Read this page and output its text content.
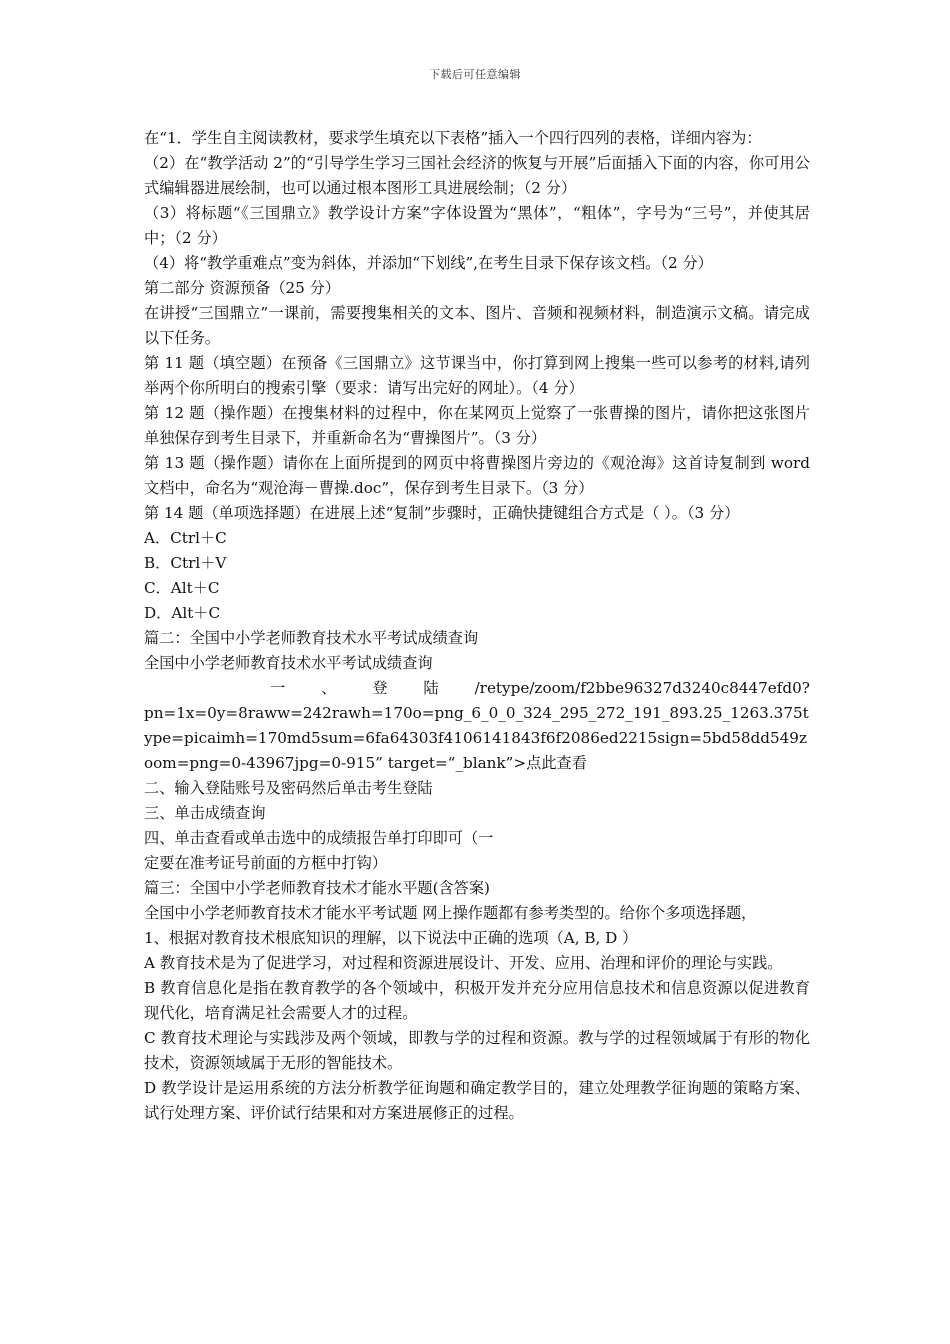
下载后可任意编辑

在“1．学生自主阅读教材，要求学生填充以下表格”插入一个四行四列的表格，详细内容为：

（2）在“教学活动 2”的“引导学生学习三国社会经济的恢复与开展”后面插入下面的内容，你可用公式编辑器进展绘制，也可以通过根本图形工具进展绘制；（2 分）

（3）将标题“《三国鼎立》教学设计方案”字体设置为“黑体”，“粗体”，字号为“三号”，并使其居中；（2 分）

（4）将“教学重难点”变为斜体，并添加“下划线”,在考生目录下保存该文档。（2 分）

第二部分 资源预备（25 分）

在讲授“三国鼎立”一课前，需要搜集相关的文本、图片、音频和视频材料，制造演示文稿。请完成以下任务。

第 11 题（填空题）在预备《三国鼎立》这节课当中，你打算到网上搜集一些可以参考的材料,请列举两个你所明白的搜索引擎（要求：请写出完好的网址）。（4 分）

第 12 题（操作题）在搜集材料的过程中，你在某网页上觉察了一张曹操的图片，请你把这张图片单独保存到考生目录下，并重新命名为“曹操图片”。（3 分）

第 13 题（操作题）请你在上面所提到的网页中将曹操图片旁边的《观沧海》这首诗复制到 word 文档中，命名为“观沧海－曹操.doc”，保存到考生目录下。（3 分）

第 14 题（单项选择题）在进展上述“复制”步骤时，正确快捷键组合方式是（ ）。（3 分）

A．Ctrl＋C

B．Ctrl＋V

C．Alt＋C

D．Alt＋C

篇二：全国中小学老师教育技术水平考试成绩查询

全国中小学老师教育技术水平考试成绩查询

一 、 登 陆 /retype/zoom/f2bbe96327d3240c8447efd0?

pn=1x=0y=8raww=242rawh=170o=png_6_0_0_324_295_272_191_893.25_1263.375type=picaimh=170md5sum=6fa64303f4106141843f6f2086ed2215sign=5bd58dd549zoom=png=0-43967jpg=0-915” target=“_blank”>点此查看

二、输入登陆账号及密码然后单击考生登陆

三、单击成绩查询

四、单击查看或单击选中的成绩报告单打印即可（一

定要在准考证号前面的方框中打钩）

篇三：全国中小学老师教育技术才能水平题(含答案)

全国中小学老师教育技术才能水平考试题 网上操作题都有参考类型的。给你个多项选择题，

1、根据对教育技术根底知识的理解，以下说法中正确的选项（A, B, D ）

A 教育技术是为了促进学习，对过程和资源进展设计、开发、应用、治理和评价的理论与实践。

B 教育信息化是指在教育教学的各个领域中，积极开发并充分应用信息技术和信息资源以促进教育现代化，培育满足社会需要人才的过程。

C 教育技术理论与实践涉及两个领域，即教与学的过程和资源。教与学的过程领域属于有形的物化技术，资源领域属于无形的智能技术。

D 教学设计是运用系统的方法分析教学征询题和确定教学目的，建立处理教学征询题的策略方案、试行处理方案、评价试行结果和对方案进展修正的过程。
